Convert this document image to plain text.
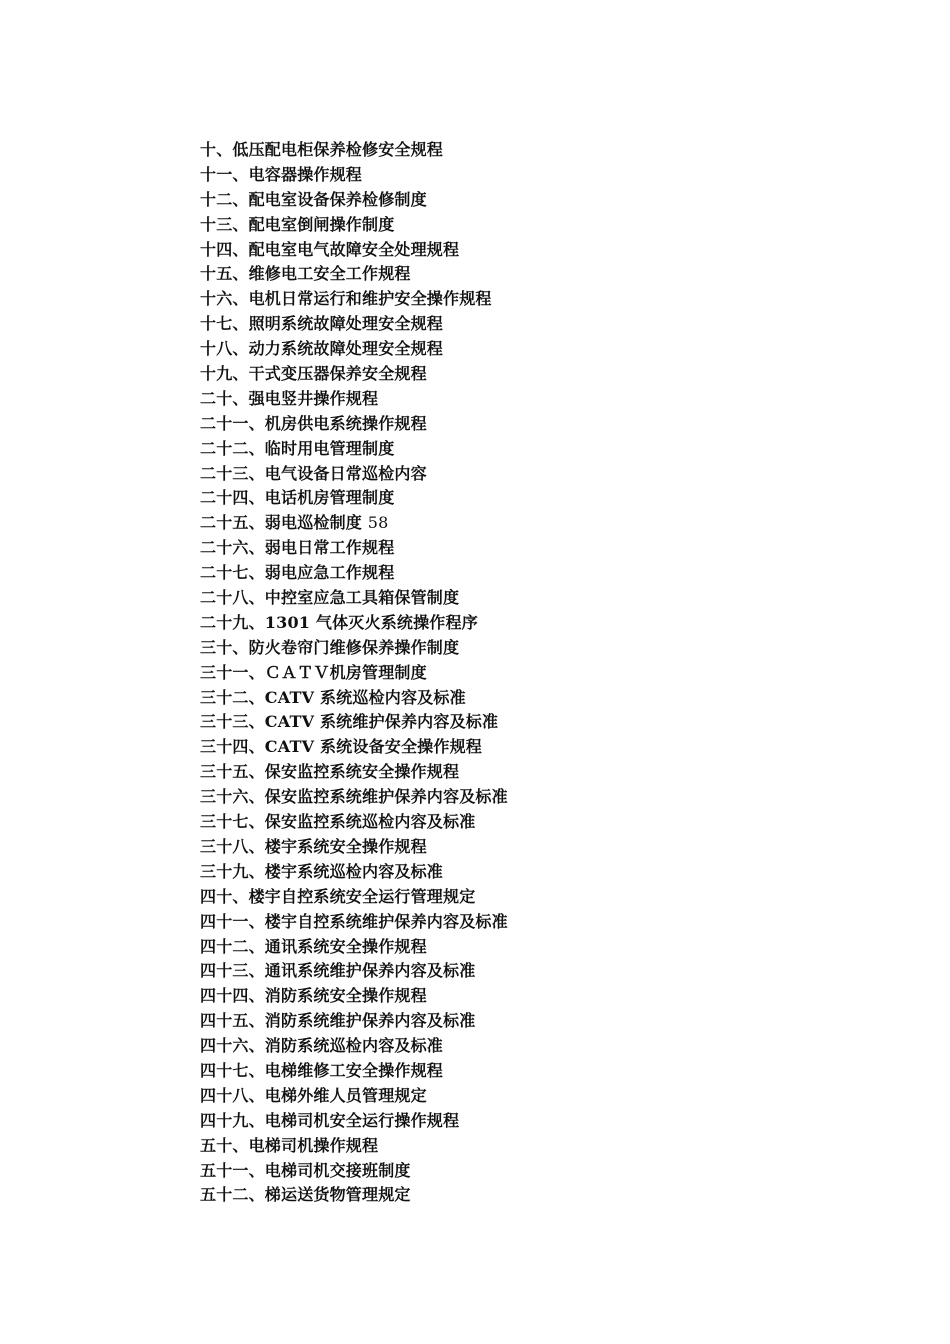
十、低压配电柜保养检修安全规程
十一、电容器操作规程
十二、配电室设备保养检修制度
十三、配电室倒闸操作制度
十四、配电室电气故障安全处理规程
十五、维修电工安全工作规程
十六、电机日常运行和维护安全操作规程
十七、照明系统故障处理安全规程
十八、动力系统故障处理安全规程
十九、干式变压器保养安全规程
二十、强电竖井操作规程
二十一、机房供电系统操作规程
二十二、临时用电管理制度
二十三、电气设备日常巡检内容
二十四、电话机房管理制度
二十五、弱电巡检制度 58
二十六、弱电日常工作规程
二十七、弱电应急工作规程
二十八、中控室应急工具箱保管制度
二十九、1301 气体灭火系统操作程序
三十、防火卷帘门维修保养操作制度
三十一、ＣＡＴＶ机房管理制度
三十二、CATV 系统巡检内容及标准
三十三、CATV 系统维护保养内容及标准
三十四、CATV 系统设备安全操作规程
三十五、保安监控系统安全操作规程
三十六、保安监控系统维护保养内容及标准
三十七、保安监控系统巡检内容及标准
三十八、楼宇系统安全操作规程
三十九、楼宇系统巡检内容及标准
四十、楼宇自控系统安全运行管理规定
四十一、楼宇自控系统维护保养内容及标准
四十二、通讯系统安全操作规程
四十三、通讯系统维护保养内容及标准
四十四、消防系统安全操作规程
四十五、消防系统维护保养内容及标准
四十六、消防系统巡检内容及标准
四十七、电梯维修工安全操作规程
四十八、电梯外维人员管理规定
四十九、电梯司机安全运行操作规程
五十、电梯司机操作规程
五十一、电梯司机交接班制度
五十二、梯运送货物管理规定
